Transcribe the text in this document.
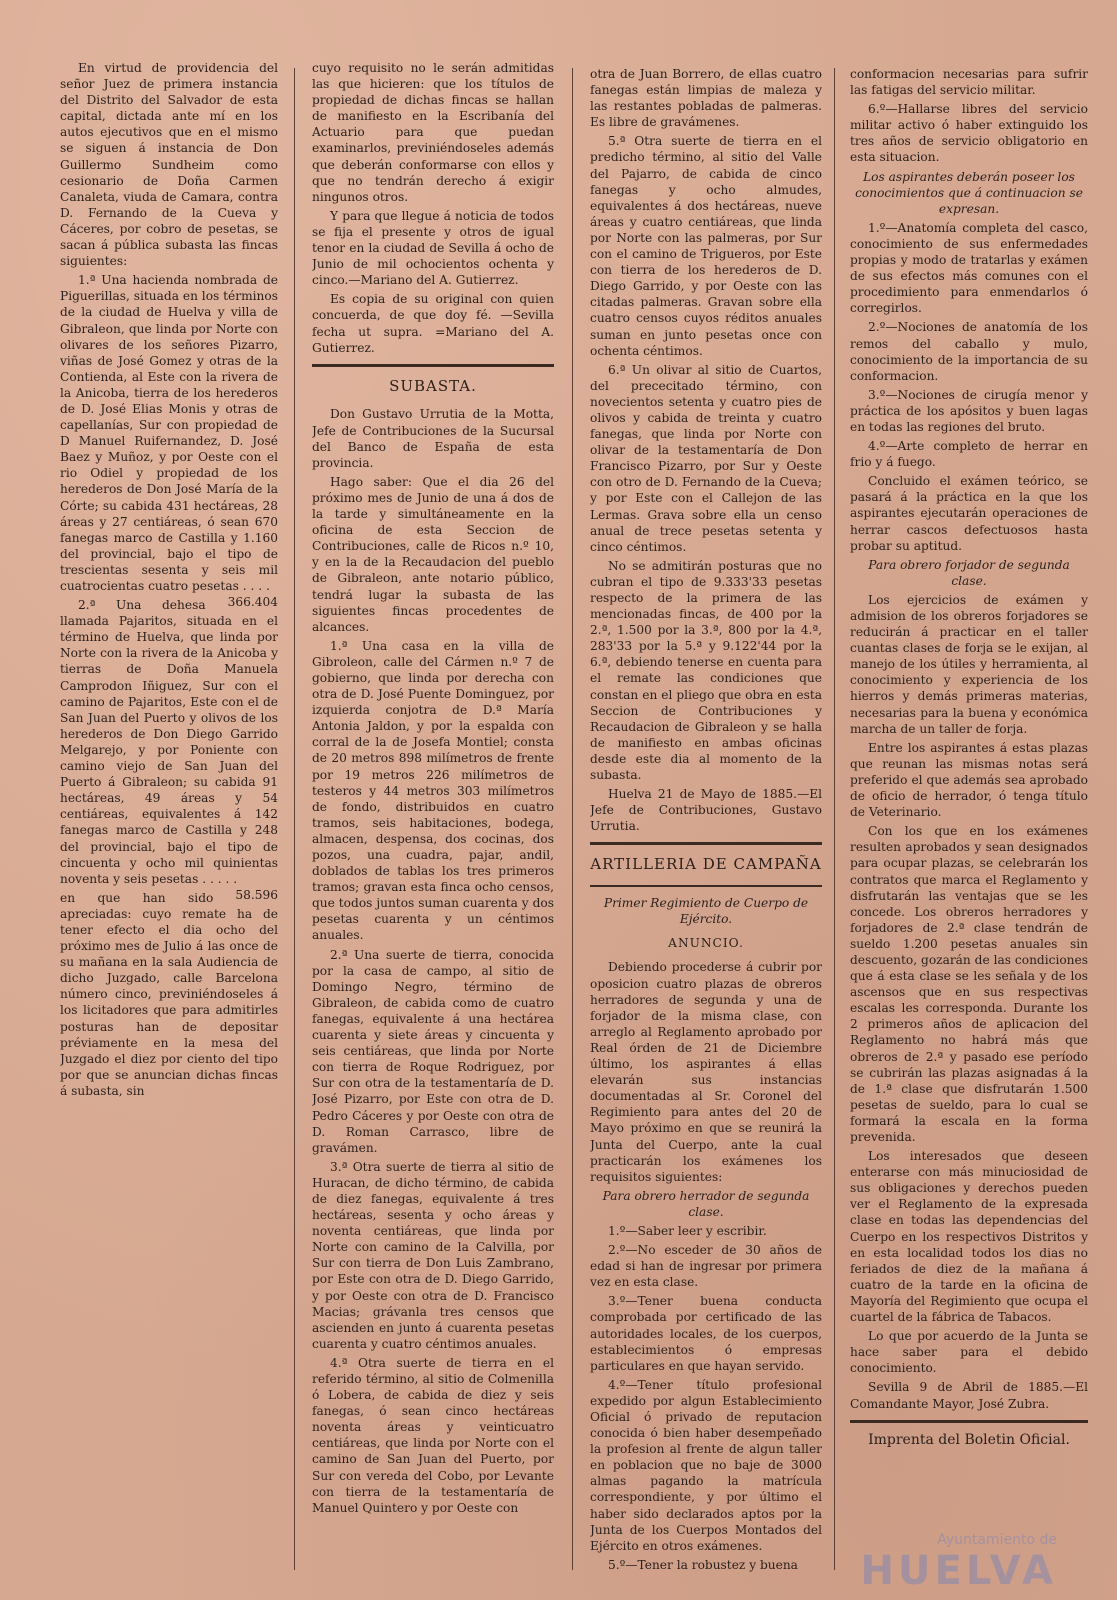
En virtud de providencia del señor Juez de primera instancia del Distrito del Salvador de esta capital, dictada ante mí en los autos ejecutivos que en el mismo se siguen á instancia de Don Guillermo Sundheim como cesionario de Doña Carmen Canaleta, viuda de Camara, contra D. Fernando de la Cueva y Cáceres, por cobro de pesetas, se sacan á pública subasta las fincas siguientes:

1.ª Una hacienda nombrada de Piguerillas, situada en los términos de la ciudad de Huelva y villa de Gibraleon, que linda por Norte con olivares de los señores Pizarro, viñas de José Gomez y otras de la Contienda, al Este con la rivera de la Anicoba, tierra de los herederos de D. José Elias Monis y otras de capellanías, Sur con propiedad de D Manuel Ruifernandez, D. José Baez y Muñoz, y por Oeste con el rio Odiel y propiedad de los herederos de Don José María de la Córte; su cabida 431 hectáreas, 28 áreas y 27 centiáreas, ó sean 670 fanegas marco de Castilla y 1.160 del provincial, bajo el tipo de trescientas sesenta y seis mil cuatrocientas cuatro pesetas . . . .
366.404

2.ª Una dehesa llamada Pajaritos, situada en el término de Huelva, que linda por Norte con la rivera de la Anicoba y tierras de Doña Manuela Camprodon Iñiguez, Sur con el camino de Pajaritos, Este con el de San Juan del Puerto y olivos de los herederos de Don Diego Garrido Melgarejo, y por Poniente con camino viejo de San Juan del Puerto á Gibraleon; su cabida 91 hectáreas, 49 áreas y 54 centiáreas, equivalentes á 142 fanegas marco de Castilla y 248 del provincial, bajo el tipo de cincuenta y ocho mil quinientas noventa y seis pesetas . . . . .
58.596

en que han sido apreciadas: cuyo remate ha de tener efecto el dia ocho del próximo mes de Julio á las once de su mañana en la sala Audiencia de dicho Juzgado, calle Barcelona número cinco, previniéndoseles á los licitadores que para admitirles posturas han de depositar préviamente en la mesa del Juzgado el diez por ciento del tipo por que se anuncian dichas fincas á subasta, sin

cuyo requisito no le serán admitidas las que hicieren: que los títulos de propiedad de dichas fincas se hallan de manifiesto en la Escribanía del Actuario para que puedan examinarlos, previniéndoseles además que deberán conformarse con ellos y que no tendrán derecho á exigir ningunos otros.

Y para que llegue á noticia de todos se fija el presente y otros de igual tenor en la ciudad de Sevilla á ocho de Junio de mil ochocientos ochenta y cinco.—Mariano del A. Gutierrez.

Es copia de su original con quien concuerda, de que doy fé. —Sevilla fecha ut supra. =Mariano del A. Gutierrez.

SUBASTA.

Don Gustavo Urrutia de la Motta, Jefe de Contribuciones de la Sucursal del Banco de España de esta provincia.

Hago saber: Que el dia 26 del próximo mes de Junio de una á dos de la tarde y simultáneamente en la oficina de esta Seccion de Contribuciones, calle de Ricos n.º 10, y en la de la Recaudacion del pueblo de Gibraleon, ante notario público, tendrá lugar la subasta de las siguientes fincas procedentes de alcances.

1.ª Una casa en la villa de Gibroleon, calle del Cármen n.º 7 de gobierno, que linda por derecha con otra de D. José Puente Dominguez, por izquierda conjotra de D.ª María Antonia Jaldon, y por la espalda con corral de la de Josefa Montiel; consta de 20 metros 898 milímetros de frente por 19 metros 226 milímetros de testeros y 44 metros 303 milímetros de fondo, distribuidos en cuatro tramos, seis habitaciones, bodega, almacen, despensa, dos cocinas, dos pozos, una cuadra, pajar, andil, doblados de tablas los tres primeros tramos; gravan esta finca ocho censos, que todos juntos suman cuarenta y dos pesetas cuarenta y un céntimos anuales.

2.ª Una suerte de tierra, conocida por la casa de campo, al sitio de Domingo Negro, término de Gibraleon, de cabida como de cuatro fanegas, equivalente á una hectárea cuarenta y siete áreas y cincuenta y seis centiáreas, que linda por Norte con tierra de Roque Rodriguez, por Sur con otra de la testamentaría de D. José Pizarro, por Este con otra de D. Pedro Cáceres y por Oeste con otra de D. Roman Carrasco, libre de gravámen.

3.ª Otra suerte de tierra al sitio de Huracan, de dicho término, de cabida de diez fanegas, equivalente á tres hectáreas, sesenta y ocho áreas y noventa centiáreas, que linda por Norte con camino de la Calvilla, por Sur con tierra de Don Luis Zambrano, por Este con otra de D. Diego Garrido, y por Oeste con otra de D. Francisco Macias; grávanla tres censos que ascienden en junto á cuarenta pesetas cuarenta y cuatro céntimos anuales.

4.ª Otra suerte de tierra en el referido término, al sitio de Colmenilla ó Lobera, de cabida de diez y seis fanegas, ó sean cinco hectáreas noventa áreas y veinticuatro centiáreas, que linda por Norte con el camino de San Juan del Puerto, por Sur con vereda del Cobo, por Levante con tierra de la testamentaría de Manuel Quintero y por Oeste con

otra de Juan Borrero, de ellas cuatro fanegas están limpias de maleza y las restantes pobladas de palmeras. Es libre de gravámenes.

5.ª Otra suerte de tierra en el predicho término, al sitio del Valle del Pajarro, de cabida de cinco fanegas y ocho almudes, equivalentes á dos hectáreas, nueve áreas y cuatro centiáreas, que linda por Norte con las palmeras, por Sur con el camino de Trigueros, por Este con tierra de los herederos de D. Diego Garrido, y por Oeste con las citadas palmeras. Gravan sobre ella cuatro censos cuyos réditos anuales suman en junto pesetas once con ochenta céntimos.

6.ª Un olivar al sitio de Cuartos, del prececitado término, con novecientos setenta y cuatro pies de olivos y cabida de treinta y cuatro fanegas, que linda por Norte con olivar de la testamentaría de Don Francisco Pizarro, por Sur y Oeste con otro de D. Fernando de la Cueva; y por Este con el Callejon de las Lermas. Grava sobre ella un censo anual de trece pesetas setenta y cinco céntimos.

No se admitirán posturas que no cubran el tipo de 9.333'33 pesetas respecto de la primera de las mencionadas fincas, de 400 por la 2.ª, 1.500 por la 3.ª, 800 por la 4.ª, 283'33 por la 5.ª y 9.122'44 por la 6.ª, debiendo tenerse en cuenta para el remate las condiciones que constan en el pliego que obra en esta Seccion de Contribuciones y Recaudacion de Gibraleon y se halla de manifiesto en ambas oficinas desde este dia al momento de la subasta.

Huelva 21 de Mayo de 1885.—El Jefe de Contribuciones, Gustavo Urrutia.

ARTILLERIA DE CAMPAÑA

Primer Regimiento de Cuerpo de Ejército.

ANUNCIO.

Debiendo procederse á cubrir por oposicion cuatro plazas de obreros herradores de segunda y una de forjador de la misma clase, con arreglo al Reglamento aprobado por Real órden de 21 de Diciembre último, los aspirantes á ellas elevarán sus instancias documentadas al Sr. Coronel del Regimiento para antes del 20 de Mayo próximo en que se reunirá la Junta del Cuerpo, ante la cual practicarán los exámenes los requisitos siguientes:

Para obrero herrador de segunda clase.

1.º—Saber leer y escribir.

2.º—No esceder de 30 años de edad si han de ingresar por primera vez en esta clase.

3.º—Tener buena conducta comprobada por certificado de las autoridades locales, de los cuerpos, establecimientos ó empresas particulares en que hayan servido.

4.º—Tener título profesional expedido por algun Establecimiento Oficial ó privado de reputacion conocida ó bien haber desempeñado la profesion al frente de algun taller en poblacion que no baje de 3000 almas pagando la matrícula correspondiente, y por último el haber sido declarados aptos por la Junta de los Cuerpos Montados del Ejército en otros exámenes.

5.º—Tener la robustez y buena

conformacion necesarias para sufrir las fatigas del servicio militar.

6.º—Hallarse libres del servicio militar activo ó haber extinguido los tres años de servicio obligatorio en esta situacion.

Los aspirantes deberán poseer los conocimientos que á continuacion se expresan.

1.º—Anatomía completa del casco, conocimiento de sus enfermedades propias y modo de tratarlas y exámen de sus efectos más comunes con el procedimiento para enmendarlos ó corregirlos.

2.º—Nociones de anatomía de los remos del caballo y mulo, conocimiento de la importancia de su conformacion.

3.º—Nociones de cirugía menor y práctica de los apósitos y buen lagas en todas las regiones del bruto.

4.º—Arte completo de herrar en frio y á fuego.

Concluido el exámen teórico, se pasará á la práctica en la que los aspirantes ejecutarán operaciones de herrar cascos defectuosos hasta probar su aptitud.

Para obrero forjador de segunda clase.

Los ejercicios de exámen y admision de los obreros forjadores se reducirán á practicar en el taller cuantas clases de forja se le exijan, al manejo de los útiles y herramienta, al conocimiento y experiencia de los hierros y demás primeras materias, necesarias para la buena y económica marcha de un taller de forja.

Entre los aspirantes á estas plazas que reunan las mismas notas será preferido el que además sea aprobado de oficio de herrador, ó tenga título de Veterinario.

Con los que en los exámenes resulten aprobados y sean designados para ocupar plazas, se celebrarán los contratos que marca el Reglamento y disfrutarán las ventajas que se les concede. Los obreros herradores y forjadores de 2.ª clase tendrán de sueldo 1.200 pesetas anuales sin descuento, gozarán de las condiciones que á esta clase se les señala y de los ascensos que en sus respectivas escalas les corresponda. Durante los 2 primeros años de aplicacion del Reglamento no habrá más que obreros de 2.ª y pasado ese período se cubrirán las plazas asignadas á la de 1.ª clase que disfrutarán 1.500 pesetas de sueldo, para lo cual se formará la escala en la forma prevenida.

Los interesados que deseen enterarse con más minuciosidad de sus obligaciones y derechos pueden ver el Reglamento de la expresada clase en todas las dependencias del Cuerpo en los respectivos Distritos y en esta localidad todos los dias no feriados de diez de la mañana á cuatro de la tarde en la oficina de Mayoría del Regimiento que ocupa el cuartel de la fábrica de Tabacos.

Lo que por acuerdo de la Junta se hace saber para el debido conocimiento.

Sevilla 9 de Abril de 1885.—El Comandante Mayor, José Zubra.

Imprenta del Boletin Oficial.
Ayuntamiento de
HUELVA
